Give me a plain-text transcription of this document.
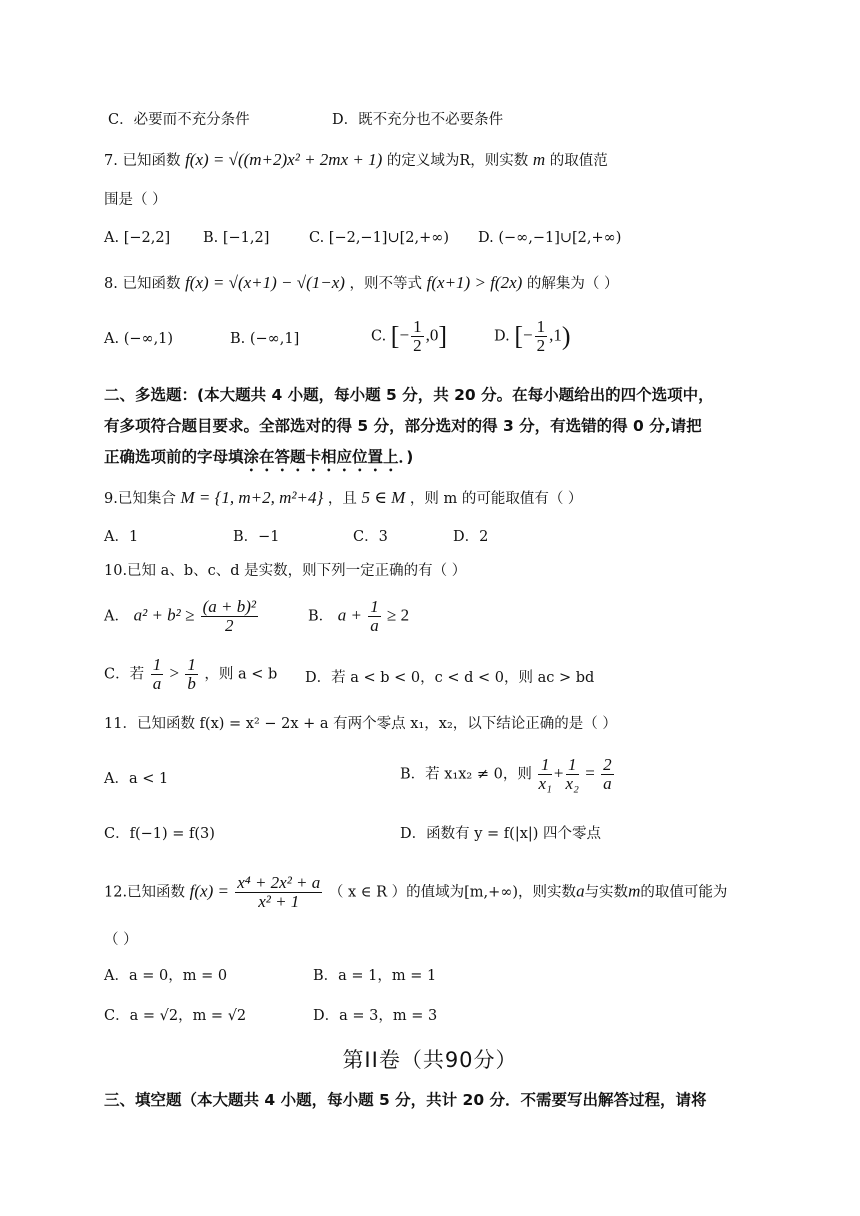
C．必要而不充分条件	D．既不充分也不必要条件
7. 已知函数 f(x) = √((m+2)x² + 2mx + 1) 的定义域为R，则实数 m 的取值范
围是（ ）
A. [−2,2] B. [−1,2]	C. [−2,−1]∪[2,+∞) D. (−∞,−1]∪[2,+∞)
8. 已知函数 f(x) = √(x+1) − √(1−x) ，则不等式 f(x+1) > f(2x) 的解集为（ ）
A. (−∞,1)	B. (−∞,1]	C. [− $\frac{1}{2} ,0$]	D. [− $\frac{1}{2} ,1$)
二、多选题：(本大题共 4 小题，每小题 5 分，共 20 分。在每小题给出的四个选项中，
有多项符合题目要求。全部选对的得 5 分，部分选对的得 3 分，有选错的得 0 分,请把
正确选项前的字母填涂在答题卡相应位置上．)
9.已知集合 M = {1, m+2, m²+4} ，且 5 ∈ M ，则 m 的可能取值有（ ）
A．1	B．−1	C．3	D．2
10.已知 a、b、c、d 是实数，则下列一定正确的有（ ）
A． $a^2 + b^2 \ge \frac{\text{(a + b)²}}{2}$	B． $a + \frac{1}{a} \ge 2$
C．若 $\frac{1}{a} > \frac{1}{b}$ ，则 a < b D．若 a < b < 0，c < d < 0，则 ac > bd
11．已知函数 f(x) = x² − 2x + a 有两个零点 x₁，x₂，以下结论正确的是（ ）
A．a < 1	B．若 x₁x₂ ≠ 0，则 $\frac{1}{\text{x₁}} + \frac{1}{\text{x₂}} = \frac{2}{a}$
C．f(−1) = f(3)	D．函数有 y = f(|x|) 四个零点
12.已知函数 $f(x) = \frac{\text{x⁴ + 2x² + a}}{\text{x² + 1}}$ （ x ∈ R ）的值域为[m,+∞)，则实数a与实数m的取值可能为
（ ）
A．a = 0，m = 0	B．a = 1，m = 1
C．a = √2，m = √2	D．a = 3，m = 3
第II卷（共90分）
三、填空题（本大题共 4 小题，每小题 5 分，共计 20 分．不需要写出解答过程，请将
